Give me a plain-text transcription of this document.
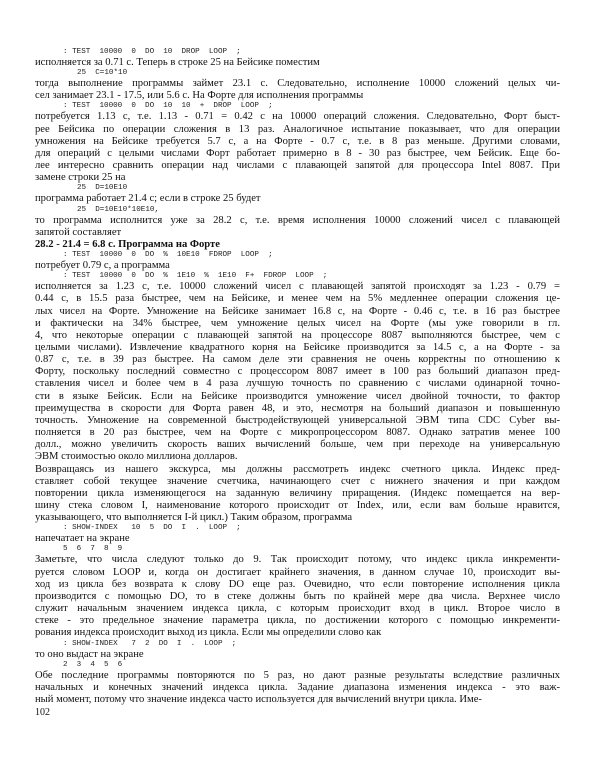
: TEST  10000  0  DO  10  DROP  LOOP  ;
исполняется за 0.71 с. Теперь в строке 25 на Бейсике поместим
25  C=10*10
тогда выполнение программы займет 23.1 с. Следовательно, исполнение 10000 сложений целых чи-
сел занимает 23.1 - 17.5, или 5.6 с. На Форте для исполнения программы
: TEST  10000  0  DO  10  10  +  DROP  LOOP  ;
потребуется 1.13 с, т.е. 1.13 - 0.71 = 0.42 с на 10000 операций сложения. Следовательно, Форт быст-
рее Бейсика по операции сложения в 13 раз. Аналогичное испытание показывает, что для операции
умножения на Бейсике требуется 5.7 с, а на Форте - 0.7 с, т.е. в 8 раз меньше. Другими словами,
для операций с целыми числами Форт работает примерно в 8 - 30 раз быстрее, чем Бейсик. Еще бо-
лее интересно сравнить операции над числами с плавающей запятой для процессора Intel 8087. При
замене строки 25 на
25  D=10E10
программа работает 21.4 с; если в строке 25 будет
25  D=10E10*10E10,
то программа исполнится уже за 28.2 с, т.е. время исполнения 10000 сложений чисел с плавающей
запятой составляет
28.2 - 21.4 = 6.8 с. Программа на Форте
: TEST  10000  0  DO  %  10E10  FDROP  LOOP  ;
потребует 0.79 с, а программа
: TEST  10000  0  DO  %  1E10  %  1E10  F+  FDROP  LOOP  ;
исполняется за 1.23 с, т.е. 10000 сложений чисел с плавающей запятой происходят за 1.23 - 0.79 =
0.44 с, в 15.5 раза быстрее, чем на Бейсике, и менее чем на 5% медленнее операции сложения це-
лых чисел на Форте. Умножение на Бейсике занимает 16.8 с, на Форте - 0.46 с, т.е. в 16 раз быстрее
и фактически на 34% быстрее, чем умножение целых чисел на Форте (мы уже говорили в гл.
4, что некоторые операции с плавающей запятой на процессоре 8087 выполняются быстрее, чем с
целыми числами). Извлечение квадратного корня на Бейсике производится за 14.5 с, а на Форте - за
0.87 с, т.е. в 39 раз быстрее. На самом деле эти сравнения не очень корректны по отношению к
Форту, поскольку последний совместно с процессором 8087 имеет в 100 раз больший диапазон пред-
ставления чисел и более чем в 4 раза лучшую точность по сравнению с числами одинарной точно-
сти в языке Бейсик. Если на Бейсике производится умножение чисел двойной точности, то фактор
преимущества в скорости для Форта равен 48, и это, несмотря на больший диапазон и повышенную
точность. Умножение на современной быстродействующей универсальной ЭВМ типа CDC Cyber вы-
полняется в 20 раз быстрее, чем на Форте с микропроцессором 8087. Однако затратив менее 100
долл., можно увеличить скорость ваших вычислений больше, чем при переходе на универсальную
ЭВМ стоимостью около миллиона долларов.
Возвращаясь из нашего экскурса, мы должны рассмотреть индекс счетного цикла. Индекс пред-
ставляет собой текущее значение счетчика, начинающего счет с нижнего значения и при каждом
повторении цикла изменяющегося на заданную величину приращения. (Индекс помещается на вер-
шину стека словом I, наименование которого происходит от Index, или, если вам больше нравится,
указывающего, что выполняется I-й цикл.) Таким образом, программа
: SHOW-INDEX   10  5  DO  I  .  LOOP  ;
напечатает на экране
5  6  7  8  9
Заметьте, что числа следуют только до 9. Так происходит потому, что индекс цикла инкременти-
руется словом LOOP и, когда он достигает крайнего значения, в данном случае 10, происходит вы-
ход из цикла без возврата к слову DO еще раз. Очевидно, что если повторение исполнения цикла
производится с помощью DO, то в стеке должны быть по крайней мере два числа. Верхнее число
служит начальным значением индекса цикла, с которым происходит вход в цикл. Второе число в
стеке - это предельное значение параметра цикла, по достижении которого с помощью инкременти-
рования индекса происходит выход из цикла. Если мы определили слово как
: SHOW-INDEX   7  2  DO  I  .  LOOP  ;
то оно выдаст на экране
2  3  4  5  6
Обе последние программы повторяются по 5 раз, но дают разные результаты вследствие различных
начальных и конечных значений индекса цикла. Задание диапазона изменения индекса - это важ-
ный момент, потому что значение индекса часто используется для вычислений внутри цикла. Име-
102
